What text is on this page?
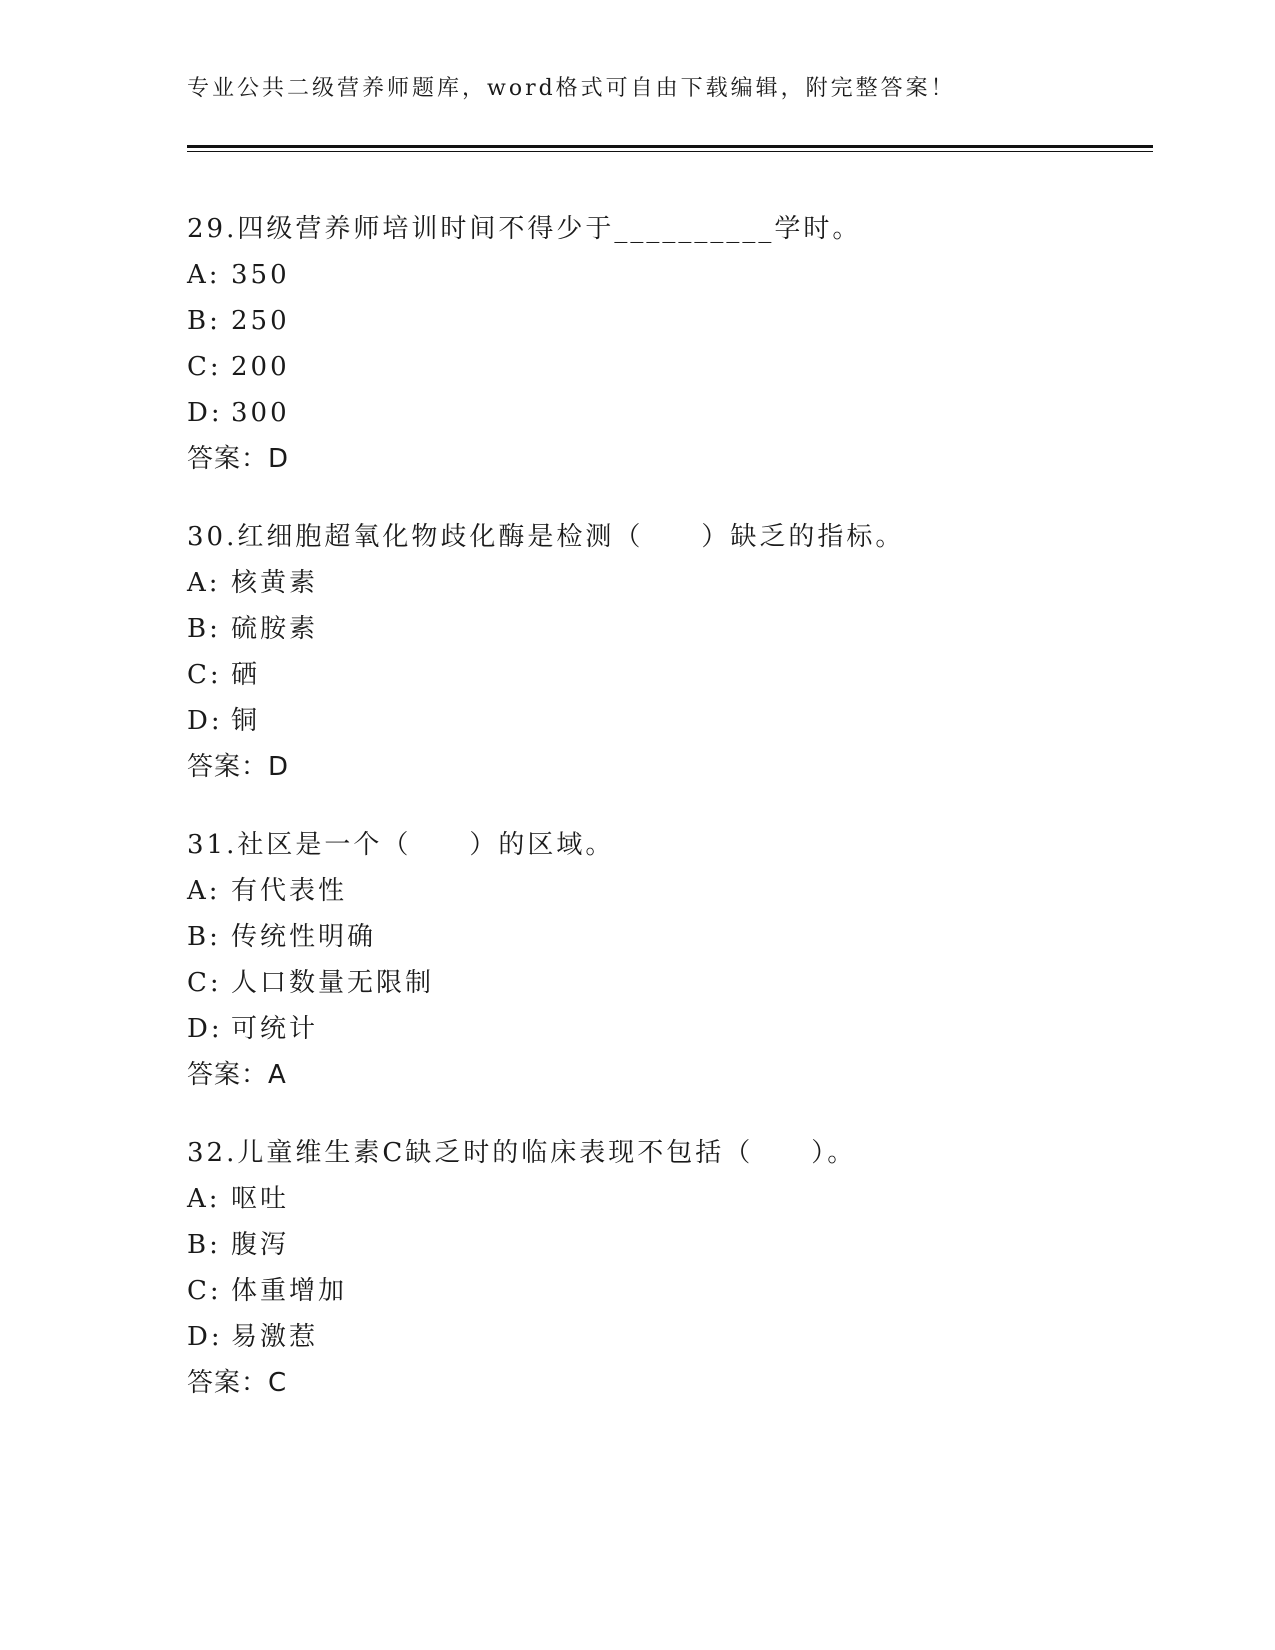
专业公共二级营养师题库，word格式可自由下载编辑，附完整答案！
29.四级营养师培训时间不得少于__________学时。
A: 350
B: 250
C: 200
D: 300
答案：D
30.红细胞超氧化物歧化酶是检测（　　）缺乏的指标。
A: 核黄素
B: 硫胺素
C: 硒
D: 铜
答案：D
31.社区是一个（　　）的区域。
A: 有代表性
B: 传统性明确
C: 人口数量无限制
D: 可统计
答案：A
32.儿童维生素C缺乏时的临床表现不包括（　　）。
A: 呕吐
B: 腹泻
C: 体重增加
D: 易激惹
答案：C
